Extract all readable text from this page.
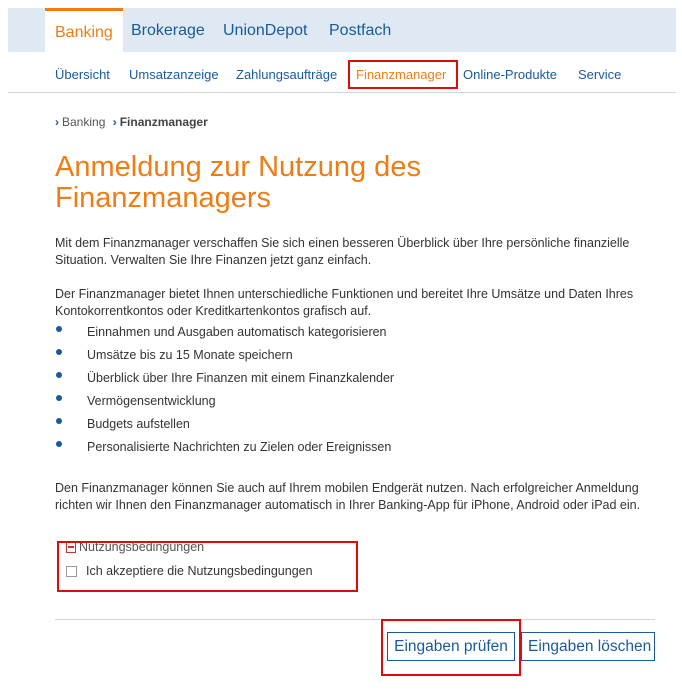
Banking	Brokerage UnionDepot Postfach
Übersicht Umsatzanzeige Zahlungsaufträge Finanzmanager Online-Produkte Service
› Banking › Finanzmanager
Anmeldung zur Nutzung des Finanzmanagers
Mit dem Finanzmanager verschaffen Sie sich einen besseren Überblick über Ihre persönliche finanzielle Situation. Verwalten Sie Ihre Finanzen jetzt ganz einfach.
Der Finanzmanager bietet Ihnen unterschiedliche Funktionen und bereitet Ihre Umsätze und Daten Ihres Kontokorrentkontos oder Kreditkartenkontos grafisch auf.
Einnahmen und Ausgaben automatisch kategorisieren
Umsätze bis zu 15 Monate speichern
Überblick über Ihre Finanzen mit einem Finanzkalender
Vermögensentwicklung
Budgets aufstellen
Personalisierte Nachrichten zu Zielen oder Ereignissen
Den Finanzmanager können Sie auch auf Ihrem mobilen Endgerät nutzen. Nach erfolgreicher Anmeldung richten wir Ihnen den Finanzmanager automatisch in Ihrer Banking-App für iPhone, Android oder iPad ein.
Nutzungsbedingungen
Ich akzeptiere die Nutzungsbedingungen
Eingaben prüfen	Eingaben löschen
